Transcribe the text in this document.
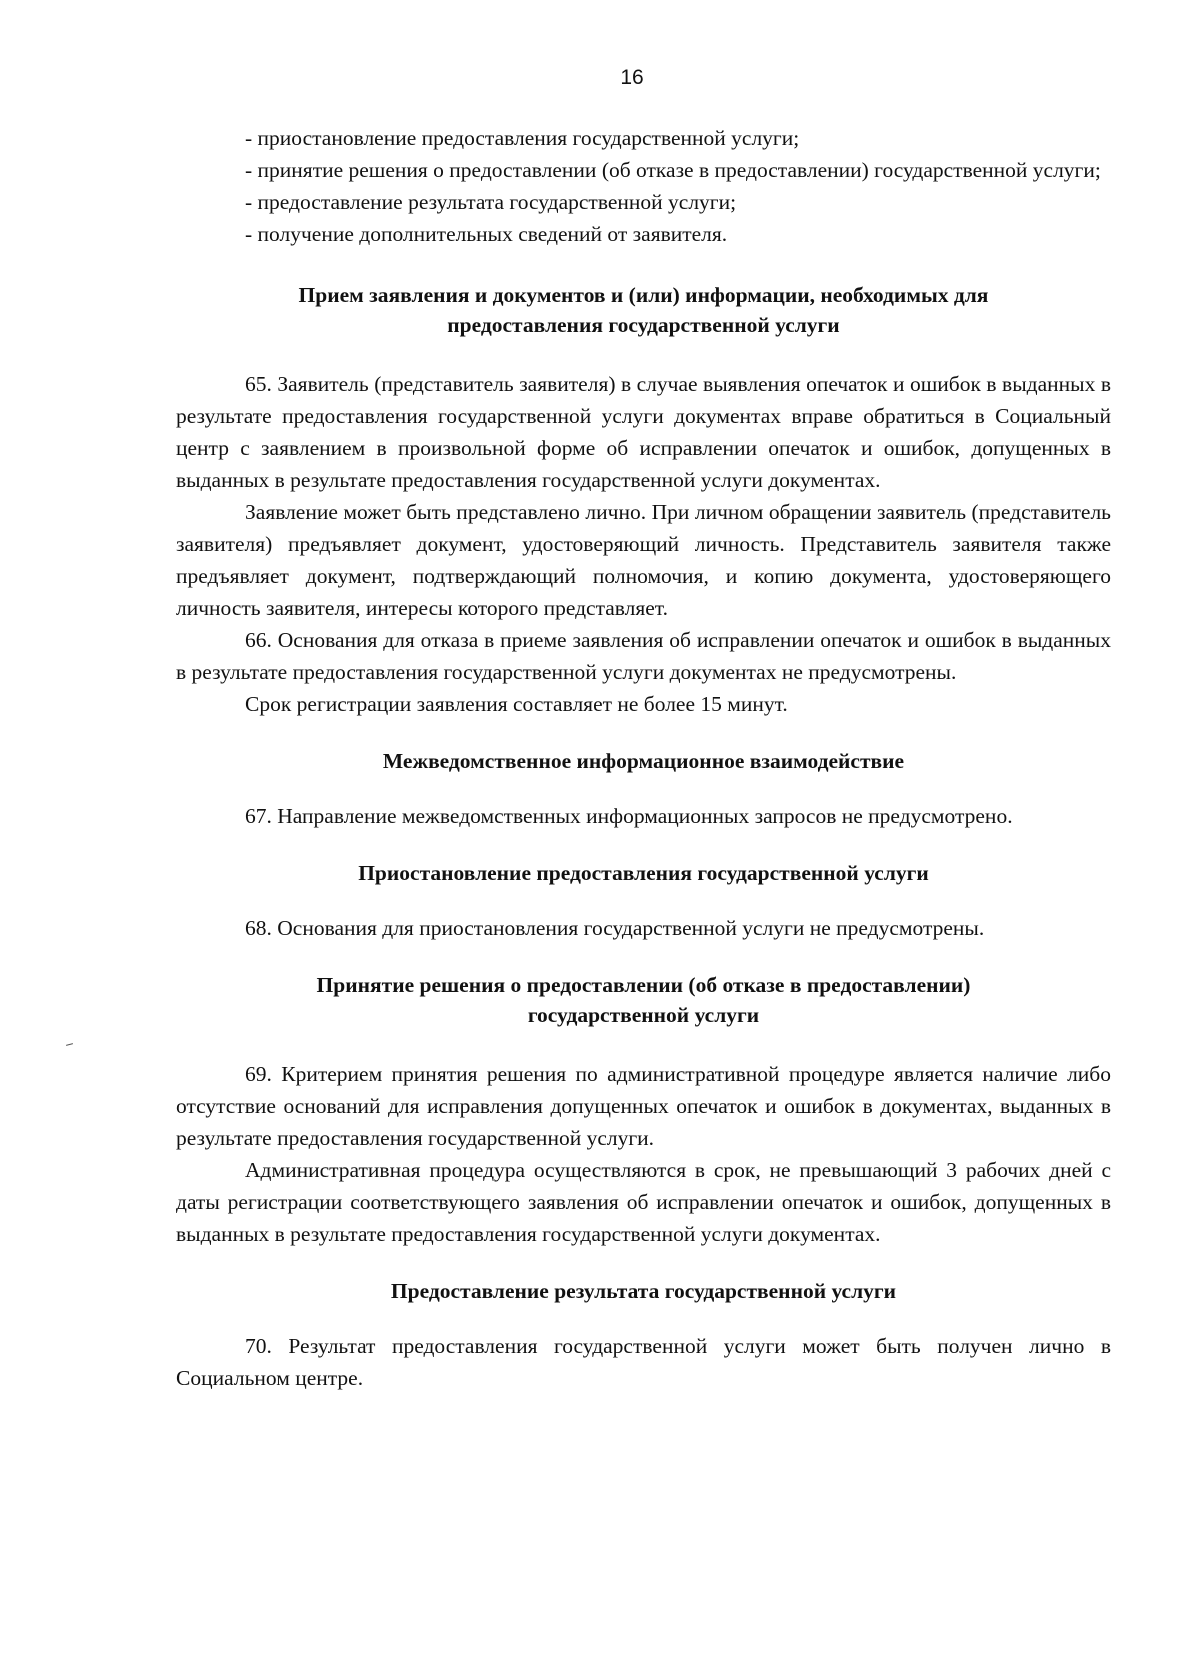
16

- приостановление предоставления государственной услуги;

- принятие решения о предоставлении (об отказе в предоставлении) государственной услуги;

- предоставление результата государственной услуги;

- получение дополнительных сведений от заявителя.

Прием заявления и документов и (или) информации, необходимых для
предоставления государственной услуги

65. Заявитель (представитель заявителя) в случае выявления опечаток и ошибок в выданных в результате предоставления государственной услуги документах вправе обратиться в Социальный центр с заявлением в произвольной форме об исправлении опечаток и ошибок, допущенных в выданных в результате предоставления государственной услуги документах.

Заявление может быть представлено лично. При личном обращении заявитель (представитель заявителя) предъявляет документ, удостоверяющий личность. Представитель заявителя также предъявляет документ, подтверждающий полномочия, и копию документа, удостоверяющего личность заявителя, интересы которого представляет.

66. Основания для отказа в приеме заявления об исправлении опечаток и ошибок в выданных в результате предоставления государственной услуги документах не предусмотрены.

Срок регистрации заявления составляет не более 15 минут.

Межведомственное информационное взаимодействие

67. Направление межведомственных информационных запросов не предусмотрено.

Приостановление предоставления государственной услуги

68. Основания для приостановления государственной услуги не предусмотрены.

Принятие решения о предоставлении (об отказе в предоставлении)
государственной услуги

69. Критерием принятия решения по административной процедуре является наличие либо отсутствие оснований для исправления допущенных опечаток и ошибок в документах, выданных в результате предоставления государственной услуги.

Административная процедура осуществляются в срок, не превышающий 3 рабочих дней с даты регистрации соответствующего заявления об исправлении опечаток и ошибок, допущенных в выданных в результате предоставления государственной услуги документах.

Предоставление результата государственной услуги

70. Результат предоставления государственной услуги может быть получен лично в Социальном центре.
